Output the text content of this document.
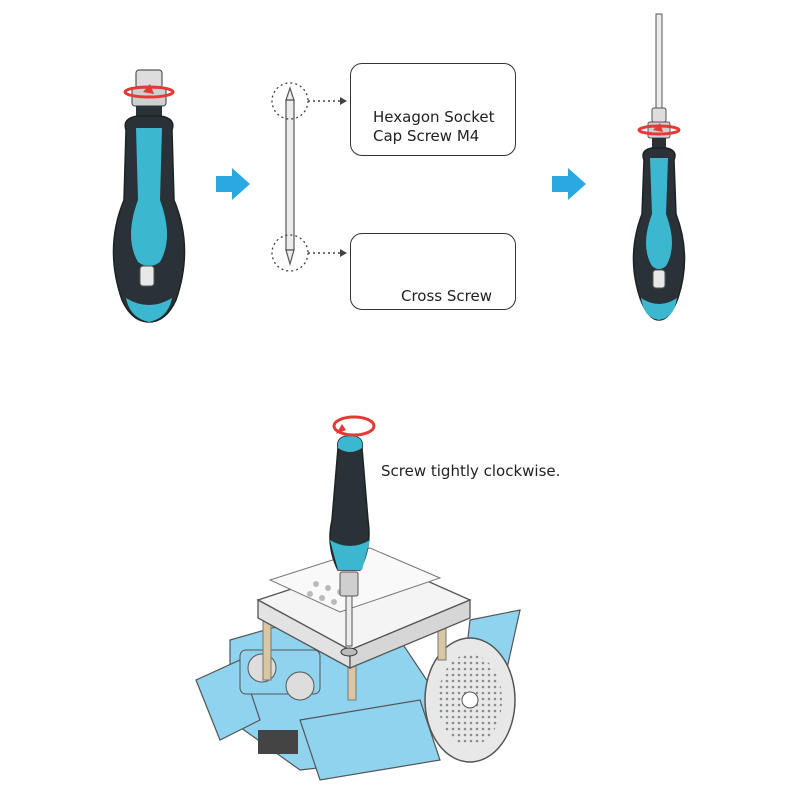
Hexagon Socket
Cap Screw M4
Cross Screw
Screw tightly clockwise.
